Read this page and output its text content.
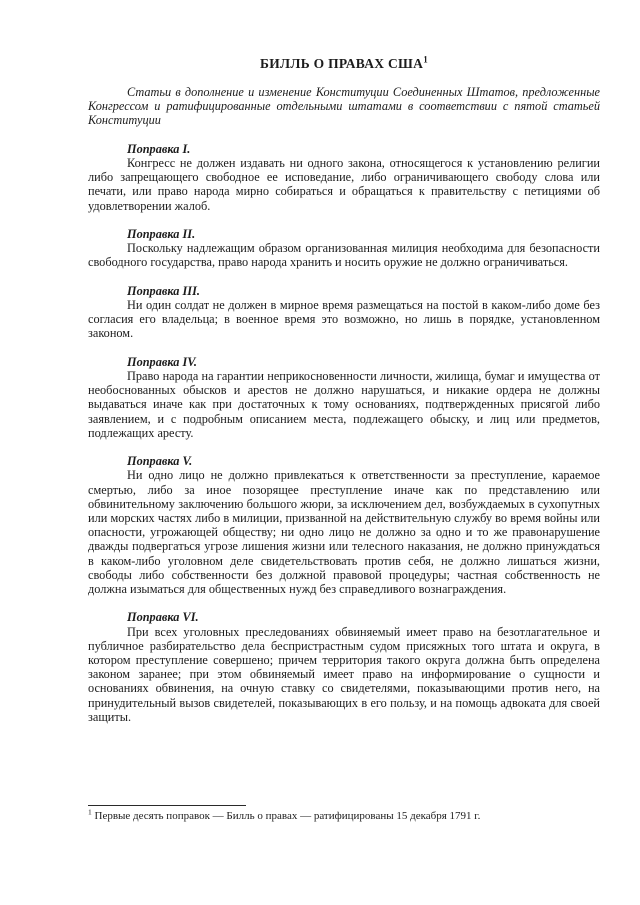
БИЛЛЬ О ПРАВАХ США$^1$

Статьи в дополнение и изменение Конституции Соединенных Штатов, предложенные Конгрессом и ратифицированные отдельными штатами в соответствии с пятой статьей Конституции

Поправка I.

Конгресс не должен издавать ни одного закона, относящегося к установлению религии либо запрещающего свободное ее исповедание, либо ограничивающего свободу слова или печати, или право народа мирно собираться и обращаться к правительству с петициями об удовлетворении жалоб.

Поправка II.

Поскольку надлежащим образом организованная милиция необходима для безопасности свободного государства, право народа хранить и носить оружие не должно ограничиваться.

Поправка III.

Ни один солдат не должен в мирное время размещаться на постой в каком-либо доме без согласия его владельца; в военное время это возможно, но лишь в порядке, установленном законом.

Поправка IV.

Право народа на гарантии неприкосновенности личности, жилища, бумаг и имущества от необоснованных обысков и арестов не должно нарушаться, и никакие ордера не должны выдаваться иначе как при достаточных к тому основаниях, подтвержденных присягой либо заявлением, и с подробным описанием места, подлежащего обыску, и лиц или предметов, подлежащих аресту.

Поправка V.

Ни одно лицо не должно привлекаться к ответственности за преступление, караемое смертью, либо за иное позорящее преступление иначе как по представлению или обвинительному заключению большого жюри, за исключением дел, возбуждаемых в сухопутных или морских частях либо в милиции, призванной на действительную службу во время войны или опасности, угрожающей обществу; ни одно лицо не должно за одно и то же правонарушение дважды подвергаться угрозе лишения жизни или телесного наказания, не должно принуждаться в каком-либо уголовном деле свидетельствовать против себя, не должно лишаться жизни, свободы либо собственности без должной правовой процедуры; частная собственность не должна изыматься для общественных нужд без справедливого вознаграждения.

Поправка VI.

При всех уголовных преследованиях обвиняемый имеет право на безотлагательное и публичное разбирательство дела беспристрастным судом присяжных того штата и округа, в котором преступление совершено; причем территория такого округа должна быть определена законом заранее; при этом обвиняемый имеет право на информирование о сущности и основаниях обвинения, на очную ставку со свидетелями, показывающими против него, на принудительный вызов свидетелей, показывающих в его пользу, и на помощь адвоката для своей защиты.

$^1$ Первые десять поправок — Билль о правах — ратифицированы 15 декабря 1791 г.
